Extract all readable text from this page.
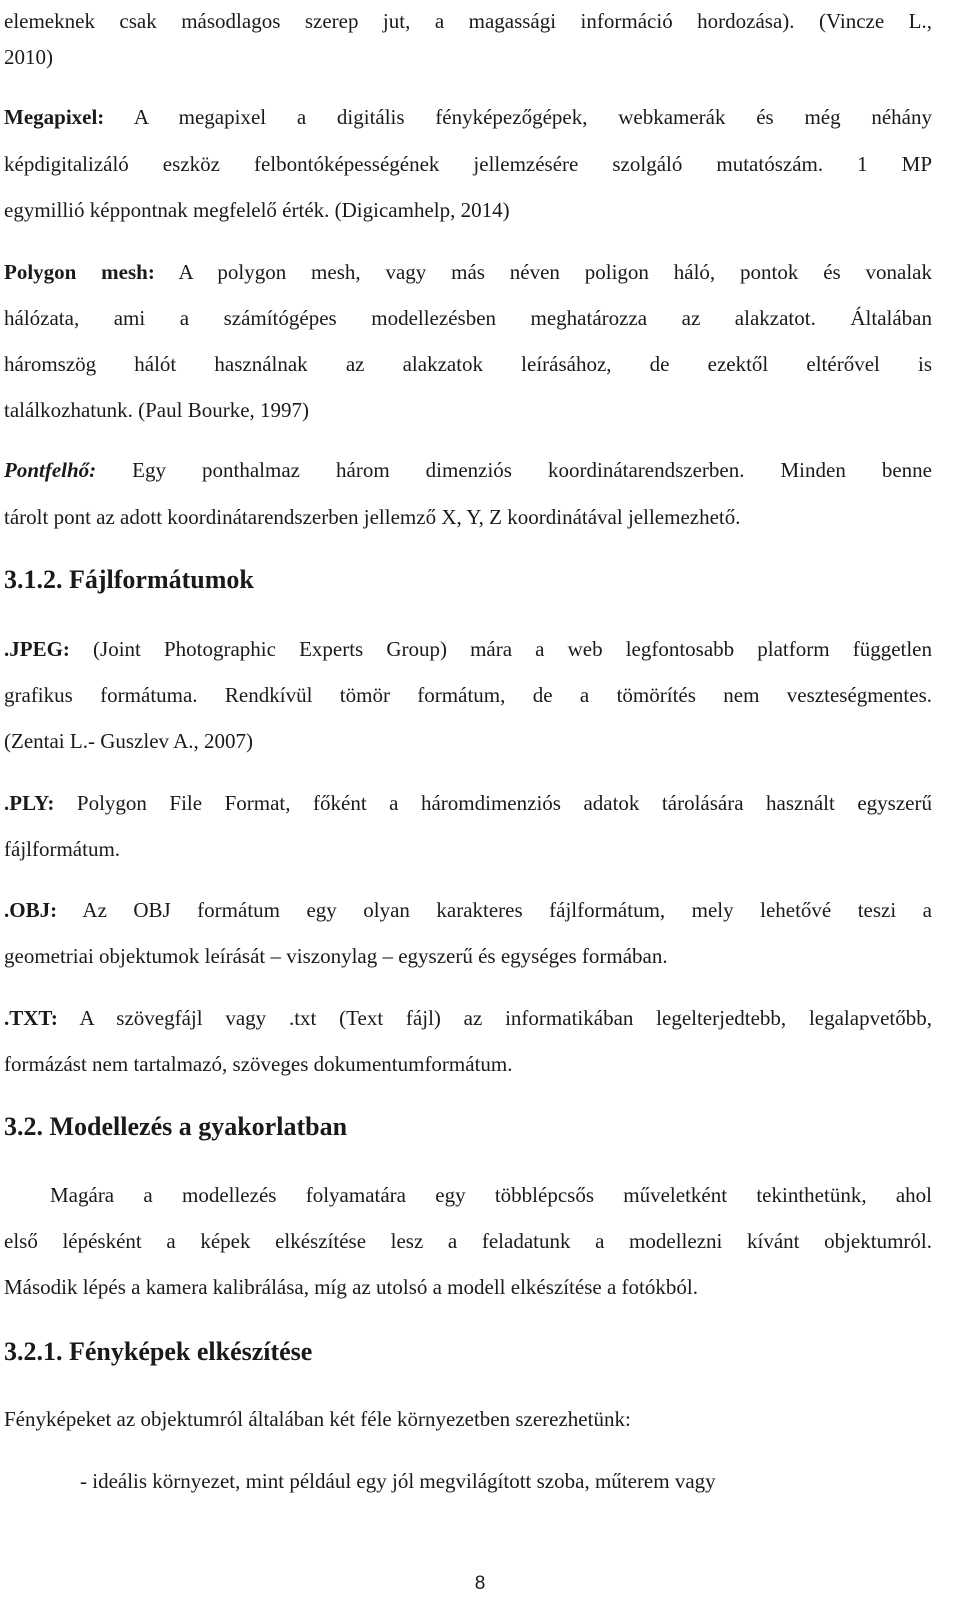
elemeknek csak másodlagos szerep jut, a magassági információ hordozása). (Vincze L.,
2010)
Megapixel: A megapixel a digitális fényképezőgépek, webkamerák és még néhány
képdigitalizáló eszköz felbontóképességének jellemzésére szolgáló mutatószám. 1 MP
egymillió képpontnak megfelelő érték. (Digicamhelp, 2014)
Polygon mesh: A polygon mesh, vagy más néven poligon háló, pontok és vonalak
hálózata, ami a számítógépes modellezésben meghatározza az alakzatot. Általában
háromszög hálót használnak az alakzatok leírásához, de ezektől eltérővel is
találkozhatunk. (Paul Bourke, 1997)
Pontfelhő: Egy ponthalmaz három dimenziós koordinátarendszerben. Minden benne
tárolt pont az adott koordinátarendszerben jellemző X, Y, Z koordinátával jellemezhető.
3.1.2. Fájlformátumok
.JPEG: (Joint Photographic Experts Group) mára a web legfontosabb platform független
grafikus formátuma. Rendkívül tömör formátum, de a tömörítés nem veszteségmentes.
(Zentai L.- Guszlev A., 2007)
.PLY: Polygon File Format, főként a háromdimenziós adatok tárolására használt egyszerű
fájlformátum.
.OBJ: Az OBJ formátum egy olyan karakteres fájlformátum, mely lehetővé teszi a
geometriai objektumok leírását – viszonylag – egyszerű és egységes formában.
.TXT: A szövegfájl vagy .txt (Text fájl) az informatikában legelterjedtebb, legalapvetőbb,
formázást nem tartalmazó, szöveges dokumentumformátum.
3.2. Modellezés a gyakorlatban
Magára a modellezés folyamatára egy többlépcsős műveletként tekinthetünk, ahol
első lépésként a képek elkészítése lesz a feladatunk a modellezni kívánt objektumról.
Második lépés a kamera kalibrálása, míg az utolsó a modell elkészítése a fotókból.
3.2.1. Fényképek elkészítése
Fényképeket az objektumról általában két féle környezetben szerezhetünk:
- ideális környezet, mint például egy jól megvilágított szoba, műterem vagy
8
